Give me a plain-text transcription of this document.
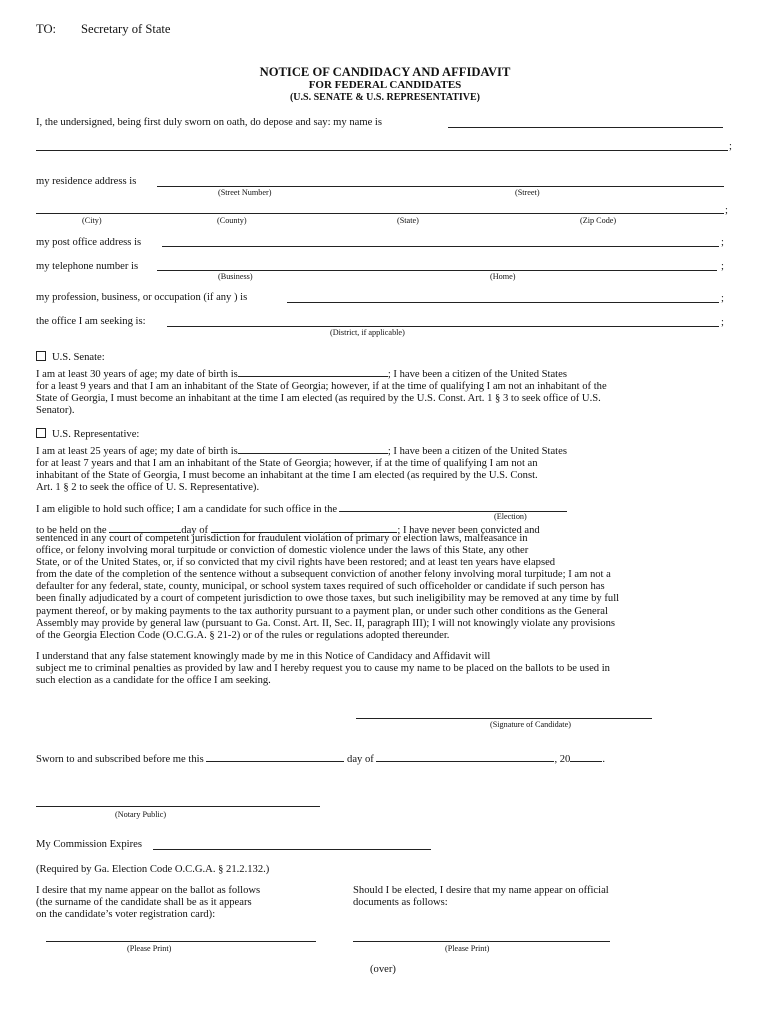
TO: Secretary of State
NOTICE OF CANDIDACY AND AFFIDAVIT
FOR FEDERAL CANDIDATES
(U.S. SENATE & U.S. REPRESENTATIVE)
I, the undersigned, being first duly sworn on oath, do depose and say: my name is
;
my residence address is
(Street Number)	(Street)
;
(City)	(County)	(State)	(Zip Code)
my post office address is	;
my telephone number is	;
(Business)	(Home)
my profession, business, or occupation (if any ) is	;
the office I am seeking is:	;
(District, if applicable)
U.S. Senate:
I am at least 30 years of age; my date of birth is	; I have been a citizen of the United States
for a least 9 years and that I am an inhabitant of the State of Georgia; however, if at the time of qualifying I am not an inhabitant of the
State of Georgia, I must become an inhabitant at the time I am elected (as required by the U.S. Const. Art. 1 § 3 to seek office of U.S.
Senator).
U.S. Representative:
I am at least 25 years of age; my date of birth is	; I have been a citizen of the United States
for at least 7 years and that I am an inhabitant of the State of Georgia; however, if at the time of qualifying I am not an
inhabitant of the State of Georgia, I must become an inhabitant at the time I am elected (as required by the U.S. Const.
Art. 1 § 2 to seek the office of U. S. Representative).
I am eligible to hold such office; I am a candidate for such office in the
(Election)
to be held on the	day of	,	; I have never been convicted and
sentenced in any court of competent jurisdiction for fraudulent violation of primary or election laws, malfeasance in
office, or felony involving moral turpitude or conviction of domestic violence under the laws of this State, any other
State, or of the United States, or, if so convicted that my civil rights have been restored; and at least ten years have elapsed
from the date of the completion of the sentence without a subsequent conviction of another felony involving moral turpitude; I am not a
defaulter for any federal, state, county, municipal, or school system taxes required of such officeholder or candidate if such person has
been finally adjudicated by a court of competent jurisdiction to owe those taxes, but such ineligibility may be removed at any time by full
payment thereof, or by making payments to the tax authority pursuant to a payment plan, or under such other conditions as the General
Assembly may provide by general law (pursuant to Ga. Const. Art. II, Sec. II, paragraph III); I will not knowingly violate any provisions
of the Georgia Election Code (O.C.G.A. § 21-2) or of the rules or regulations adopted thereunder.
I understand that any false statement knowingly made by me in this Notice of Candidacy and Affidavit will
subject me to criminal penalties as provided by law and I hereby request you to cause my name to be placed on the ballots to be used in
such election as a candidate for the office I am seeking.
(Signature of Candidate)
Sworn to and subscribed before me this	day of	, 20	.
(Notary Public)
My Commission Expires
(Required by Ga. Election Code O.C.G.A. § 21.2.132.)
I desire that my name appear on the ballot as follows
(the surname of the candidate shall be as it appears
on the candidate’s voter registration card):
Should I be elected, I desire that my name appear on official
documents as follows:
(Please Print)	(Please Print)
(over)
